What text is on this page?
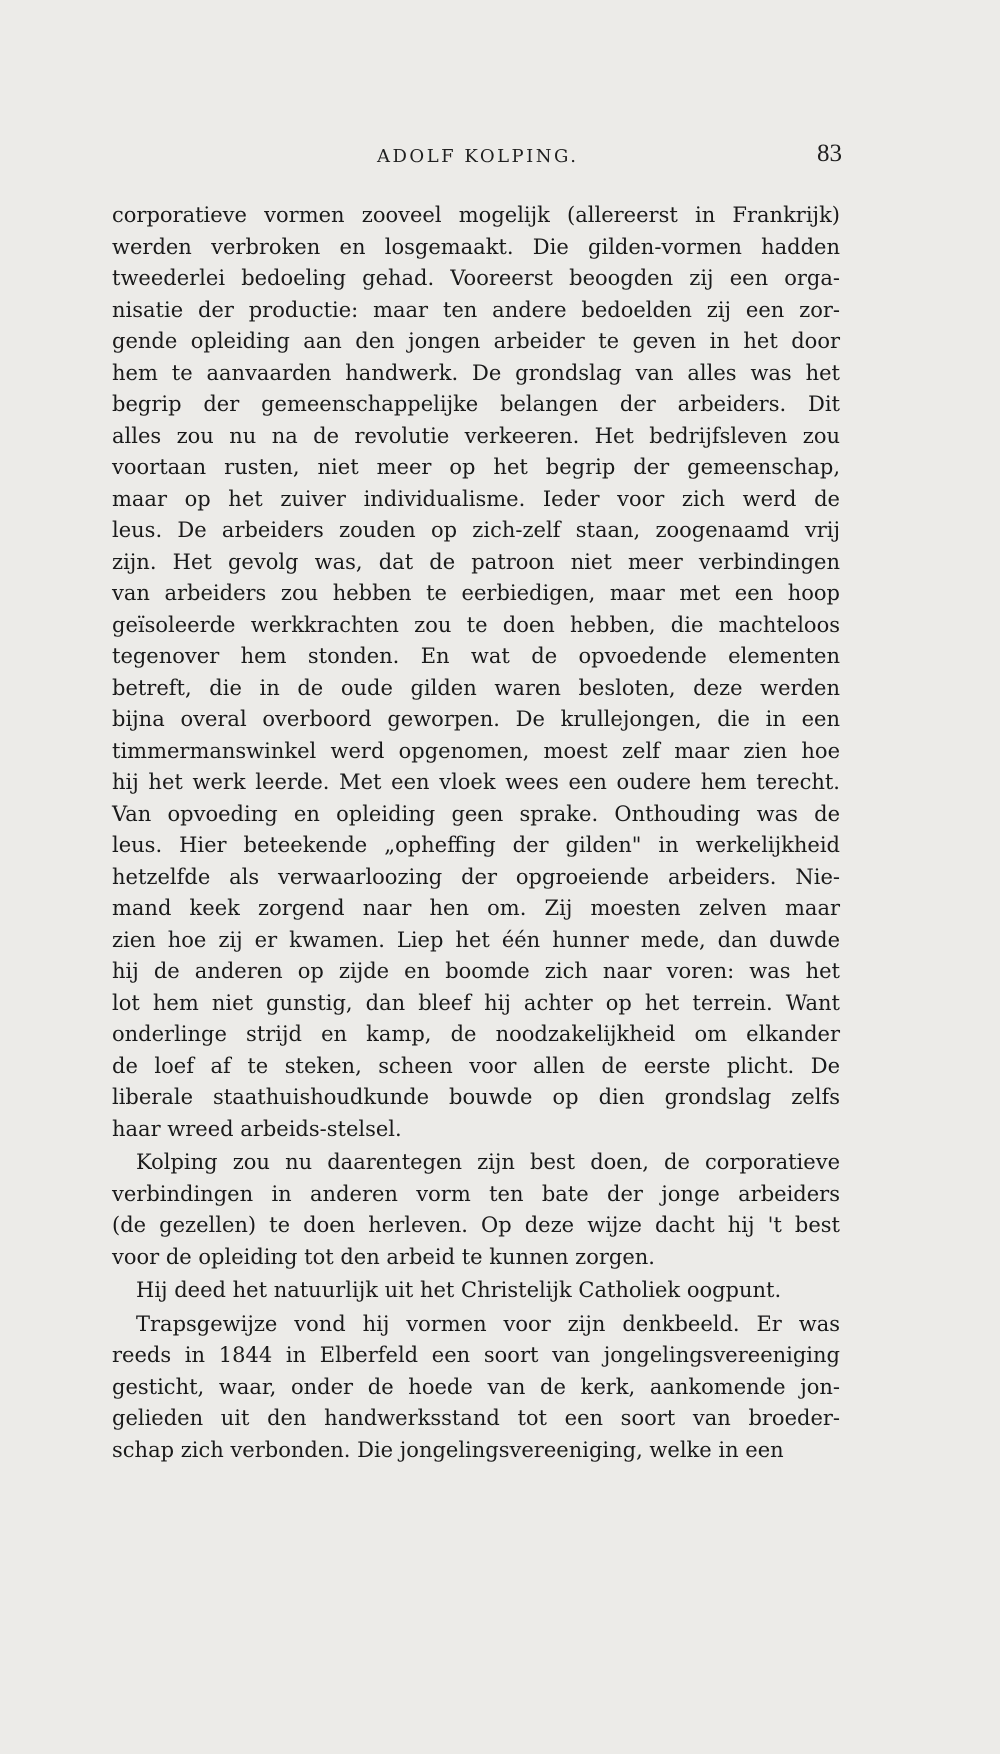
ADOLF KOLPING.	83
corporatieve vormen zooveel mogelijk (allereerst in Frankrijk)
werden verbroken en losgemaakt. Die gilden-vormen hadden
tweederlei bedoeling gehad. Vooreerst beoogden zij een orga-
nisatie der productie: maar ten andere bedoelden zij een zor-
gende opleiding aan den jongen arbeider te geven in het door
hem te aanvaarden handwerk. De grondslag van alles was het
begrip der gemeenschappelijke belangen der arbeiders. Dit
alles zou nu na de revolutie verkeeren. Het bedrijfsleven zou
voortaan rusten, niet meer op het begrip der gemeenschap,
maar op het zuiver individualisme. Ieder voor zich werd de
leus. De arbeiders zouden op zich-zelf staan, zoogenaamd vrij
zijn. Het gevolg was, dat de patroon niet meer verbindingen
van arbeiders zou hebben te eerbiedigen, maar met een hoop
geïsoleerde werkkrachten zou te doen hebben, die machteloos
tegenover hem stonden. En wat de opvoedende elementen
betreft, die in de oude gilden waren besloten, deze werden
bijna overal overboord geworpen. De krullejongen, die in een
timmermanswinkel werd opgenomen, moest zelf maar zien hoe
hij het werk leerde. Met een vloek wees een oudere hem terecht.
Van opvoeding en opleiding geen sprake. Onthouding was de
leus. Hier beteekende „opheffing der gilden" in werkelijkheid
hetzelfde als verwaarloozing der opgroeiende arbeiders. Nie-
mand keek zorgend naar hen om. Zij moesten zelven maar
zien hoe zij er kwamen. Liep het één hunner mede, dan duwde
hij de anderen op zijde en boomde zich naar voren: was het
lot hem niet gunstig, dan bleef hij achter op het terrein. Want
onderlinge strijd en kamp, de noodzakelijkheid om elkander
de loef af te steken, scheen voor allen de eerste plicht. De
liberale staathuishoudkunde bouwde op dien grondslag zelfs
haar wreed arbeids-stelsel.
Kolping zou nu daarentegen zijn best doen, de corporatieve
verbindingen in anderen vorm ten bate der jonge arbeiders
(de gezellen) te doen herleven. Op deze wijze dacht hij 't best
voor de opleiding tot den arbeid te kunnen zorgen.
Hij deed het natuurlijk uit het Christelijk Catholiek oogpunt.
Trapsgewijze vond hij vormen voor zijn denkbeeld. Er was
reeds in 1844 in Elberfeld een soort van jongelingsvereeniging
gesticht, waar, onder de hoede van de kerk, aankomende jon-
gelieden uit den handwerksstand tot een soort van broeder-
schap zich verbonden. Die jongelingsvereeniging, welke in een
